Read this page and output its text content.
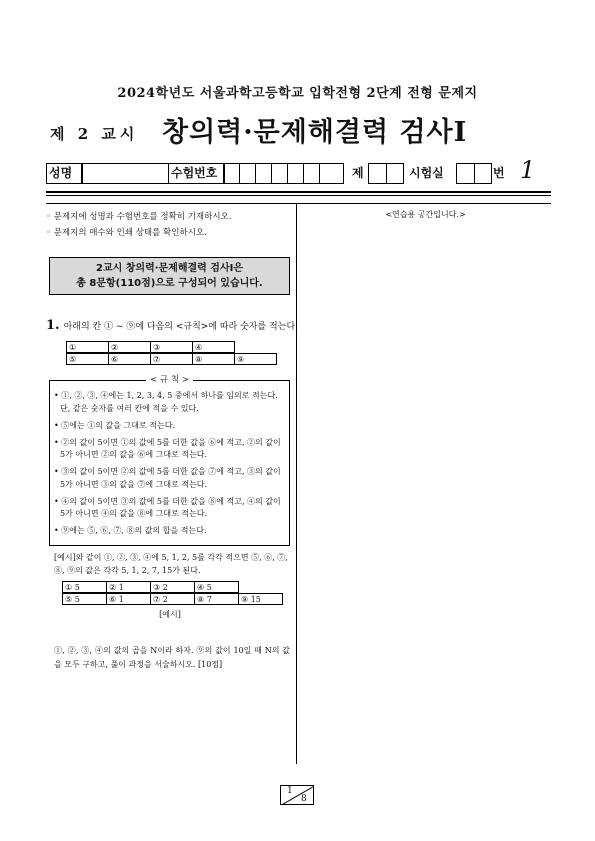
2024학년도 서울과학고등학교 입학전형 2단계 전형 문제지
제 2 교시 창의력·문제해결력 검사Ⅰ
성명	수험번호	제	시험실	번 1
◦ 문제지에 성명과 수험번호를 정확히 기재하시오.
◦ 문제지의 매수와 인쇄 상태를 확인하시오.
<연습용 공간입니다.>
2교시 창의력·문제해결력 검사Ⅰ은
총 8문항(110점)으로 구성되어 있습니다.
1. 아래의 칸 ① ~ ⑨에 다음의 <규칙>에 따라 숫자를 적는다.
①	②	③	④
⑤	⑥	⑦	⑧	⑨
< 규 칙 >

• ①, ②, ③, ④에는 1, 2, 3, 4, 5 중에서 하나를 임의로 적는다. 단, 같은 숫자를 여러 칸에 적을 수 있다.

• ⑤에는 ①의 값을 그대로 적는다.

• ②의 값이 5이면 ①의 값에 5를 더한 값을 ⑥에 적고, ②의 값이 5가 아니면 ②의 값을 ⑥에 그대로 적는다.

• ③의 값이 5이면 ②의 값에 5를 더한 값을 ⑦에 적고, ③의 값이 5가 아니면 ③의 값을 ⑦에 그대로 적는다.

• ④의 값이 5이면 ③의 값에 5를 더한 값을 ⑧에 적고, ④의 값이 5가 아니면 ④의 값을 ⑧에 그대로 적는다.

• ⑨에는 ⑤, ⑥, ⑦, ⑧의 값의 합을 적는다.

[예시]와 같이 ①, ②, ③, ④에 5, 1, 2, 5를 각각 적으면 ⑤, ⑥, ⑦, ⑧, ⑨의 값은 각각 5, 1, 2, 7, 15가 된다.
① 5	② 1	③ 2	④ 5
⑤ 5	⑥ 1	⑦ 2	⑧ 7	⑨ 15
[예시]
①, ②, ③, ④의 값의 곱을 N이라 하자. ⑨의 값이 10일 때 N의 값을 모두 구하고, 풀이 과정을 서술하시오. [10점]
1
8
